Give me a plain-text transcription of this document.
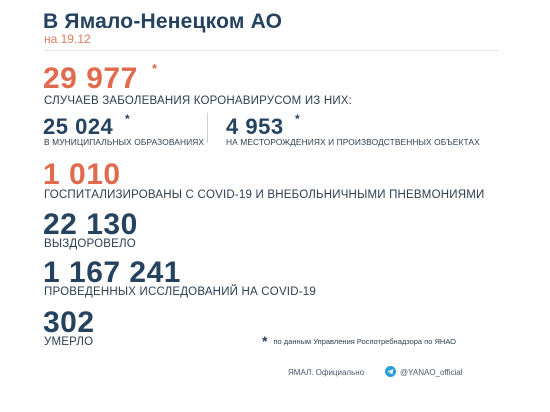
В Ямало-Ненецком АО
на 19.12
29 977 *
СЛУЧАЕВ ЗАБОЛЕВАНИЯ КОРОНАВИРУСОМ ИЗ НИХ:
25 024 *
В МУНИЦИПАЛЬНЫХ ОБРАЗОВАНИЯХ
4 953 *
НА МЕСТОРОЖДЕНИЯХ И ПРОИЗВОДСТВЕННЫХ ОБЪЕКТАХ
1 010
ГОСПИТАЛИЗИРОВАНЫ С COVID-19 И ВНЕБОЛЬНИЧНЫМИ ПНЕВМОНИЯМИ
22 130
ВЫЗДОРОВЕЛО
1 167 241
ПРОВЕДЕННЫХ ИССЛЕДОВАНИЙ НА COVID-19
302
УМЕРЛО	* по данным Управления Роспотребнадзора по ЯНАО
ЯМАЛ. Официально	@YANAO_official
